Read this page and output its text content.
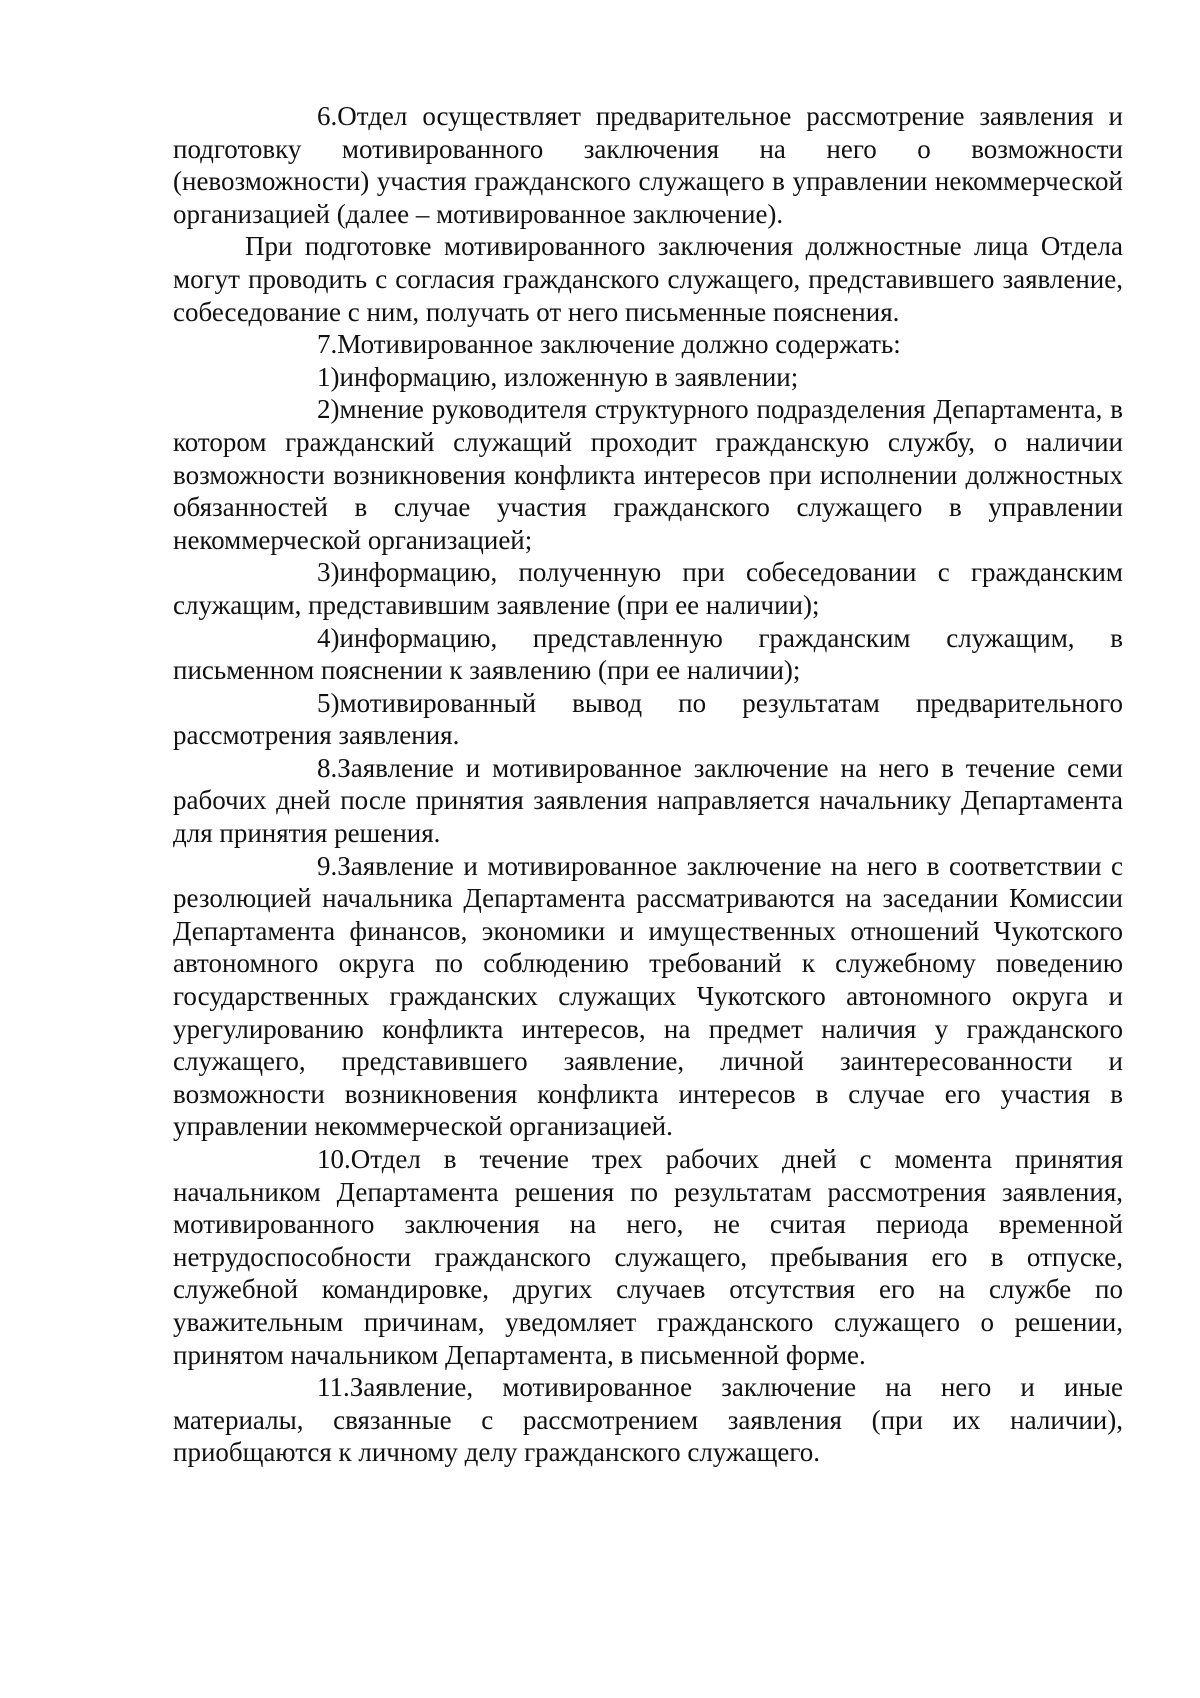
6.Отдел осуществляет предварительное рассмотрение заявления и подготовку мотивированного заключения на него о возможности (невозможности) участия гражданского служащего в управлении некоммерческой организацией (далее – мотивированное заключение).

При подготовке мотивированного заключения должностные лица Отдела могут проводить с согласия гражданского служащего, представившего заявление, собеседование с ним, получать от него письменные пояснения.

7.Мотивированное заключение должно содержать:

1)информацию, изложенную в заявлении;

2)мнение руководителя структурного подразделения Департамента, в котором гражданский служащий проходит гражданскую службу, о наличии возможности возникновения конфликта интересов при исполнении должностных обязанностей в случае участия гражданского служащего в управлении некоммерческой организацией;

3)информацию, полученную при собеседовании с гражданским служащим, представившим заявление (при ее наличии);

4)информацию, представленную гражданским служащим, в письменном пояснении к заявлению (при ее наличии);

5)мотивированный вывод по результатам предварительного рассмотрения заявления.

8.Заявление и мотивированное заключение на него в течение семи рабочих дней после принятия заявления направляется начальнику Департамента для принятия решения.

9.Заявление и мотивированное заключение на него в соответствии с резолюцией начальника Департамента рассматриваются на заседании Комиссии Департамента финансов, экономики и имущественных отношений Чукотского автономного округа по соблюдению требований к служебному поведению государственных гражданских служащих Чукотского автономного округа и урегулированию конфликта интересов, на предмет наличия у гражданского служащего, представившего заявление, личной заинтересованности и возможности возникновения конфликта интересов в случае его участия в управлении некоммерческой организацией.

10.Отдел в течение трех рабочих дней с момента принятия начальником Департамента решения по результатам рассмотрения заявления, мотивированного заключения на него, не считая периода временной нетрудоспособности гражданского служащего, пребывания его в отпуске, служебной командировке, других случаев отсутствия его на службе по уважительным причинам, уведомляет гражданского служащего о решении, принятом начальником Департамента, в письменной форме.

11.Заявление, мотивированное заключение на него и иные материалы, связанные с рассмотрением заявления (при их наличии), приобщаются к личному делу гражданского служащего.
